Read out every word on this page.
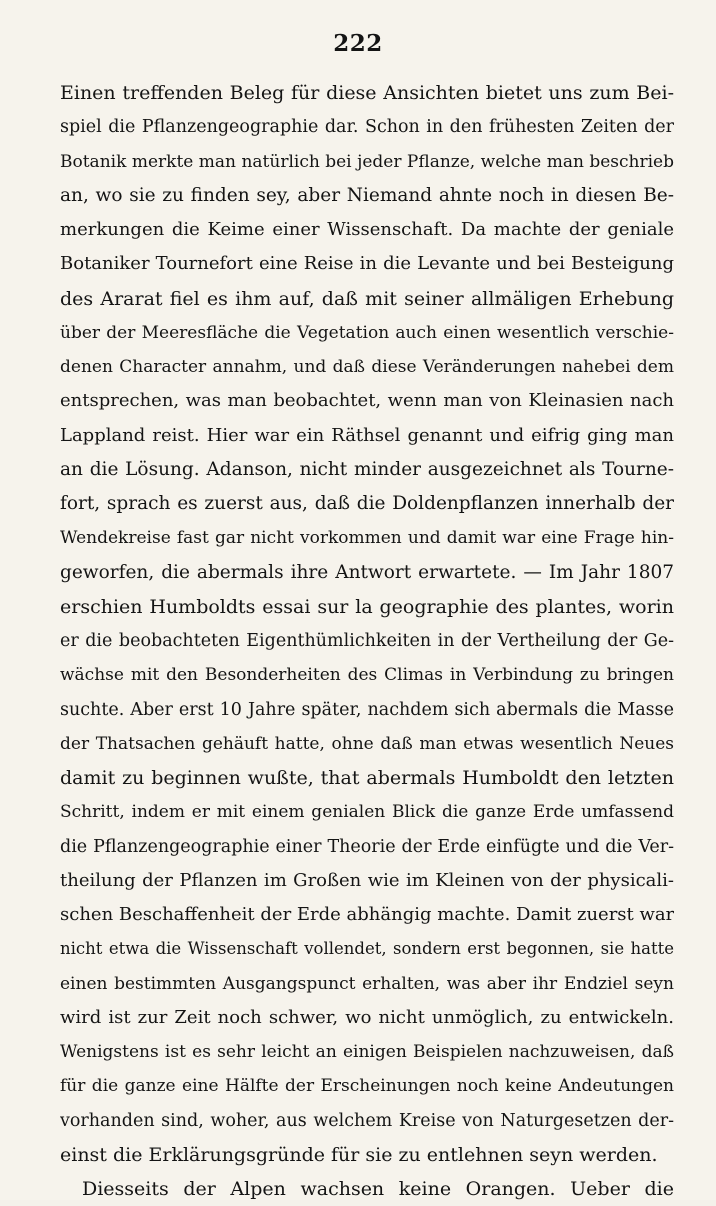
222
Einen treffenden Beleg für diese Ansichten bietet uns zum Bei-
spiel die Pflanzengeographie dar. Schon in den frühesten Zeiten der
Botanik merkte man natürlich bei jeder Pflanze, welche man beschrieb
an, wo sie zu finden sey, aber Niemand ahnte noch in diesen Be-
merkungen die Keime einer Wissenschaft. Da machte der geniale
Botaniker Tournefort eine Reise in die Levante und bei Besteigung
des Ararat fiel es ihm auf, daß mit seiner allmäligen Erhebung
über der Meeresfläche die Vegetation auch einen wesentlich verschie-
denen Character annahm, und daß diese Veränderungen nahebei dem
entsprechen, was man beobachtet, wenn man von Kleinasien nach
Lappland reist. Hier war ein Räthsel genannt und eifrig ging man
an die Lösung. Adanson, nicht minder ausgezeichnet als Tourne-
fort, sprach es zuerst aus, daß die Doldenpflanzen innerhalb der
Wendekreise fast gar nicht vorkommen und damit war eine Frage hin-
geworfen, die abermals ihre Antwort erwartete. — Im Jahr 1807
erschien Humboldts essai sur la geographie des plantes, worin
er die beobachteten Eigenthümlichkeiten in der Vertheilung der Ge-
wächse mit den Besonderheiten des Climas in Verbindung zu bringen
suchte. Aber erst 10 Jahre später, nachdem sich abermals die Masse
der Thatsachen gehäuft hatte, ohne daß man etwas wesentlich Neues
damit zu beginnen wußte, that abermals Humboldt den letzten
Schritt, indem er mit einem genialen Blick die ganze Erde umfassend
die Pflanzengeographie einer Theorie der Erde einfügte und die Ver-
theilung der Pflanzen im Großen wie im Kleinen von der physicali-
schen Beschaffenheit der Erde abhängig machte. Damit zuerst war
nicht etwa die Wissenschaft vollendet, sondern erst begonnen, sie hatte
einen bestimmten Ausgangspunct erhalten, was aber ihr Endziel seyn
wird ist zur Zeit noch schwer, wo nicht unmöglich, zu entwickeln.
Wenigstens ist es sehr leicht an einigen Beispielen nachzuweisen, daß
für die ganze eine Hälfte der Erscheinungen noch keine Andeutungen
vorhanden sind, woher, aus welchem Kreise von Naturgesetzen der-
einst die Erklärungsgründe für sie zu entlehnen seyn werden.
Diesseits der Alpen wachsen keine Orangen. Ueber die
